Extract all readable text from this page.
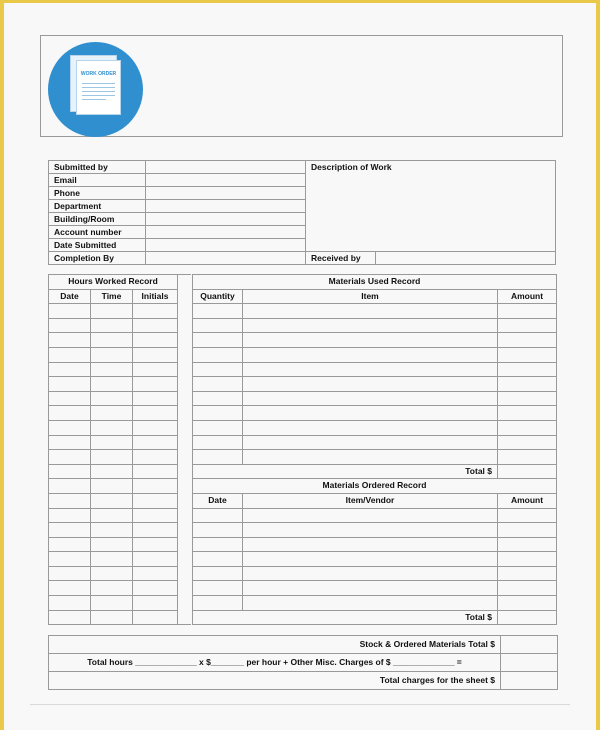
WORK ORDER
Submitted by		Description of Work	
Email			
Phone			
Department			
Building/Room			
Account number			
Date Submitted			
Completion By		Received by	
Hours Worked Record		
Date	Time	Initials

Materials Used Record		
Quantity	Item	Amount

Total $		
Materials Ordered Record		
Date	Item/Vendor	Amount

Total $		
Stock & Ordered Materials Total $	
Total hours _____________ x $_______ per hour + Other Misc. Charges of $ _____________ =	
Total charges for the sheet $	
